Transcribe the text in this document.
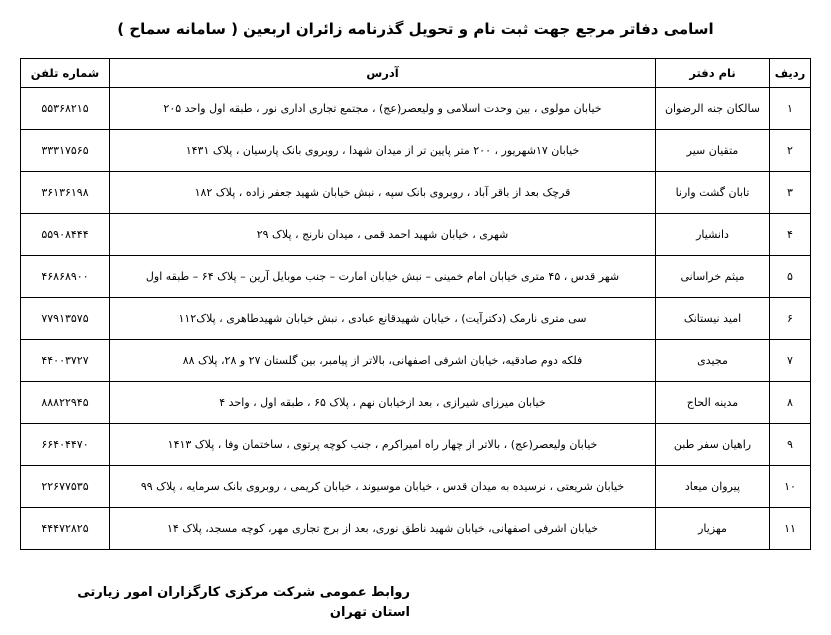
اسامی دفاتر مرجع جهت ثبت نام و تحویل گذرنامه زائران اربعین ( سامانه سماح )
ردیف	نام دفتر	آدرس	شماره تلفن
۱	سالکان جنه الرضوان	خیابان مولوی ، بین وحدت اسلامی و ولیعصر(عج) ، مجتمع تجاری اداری نور ، طبقه اول واحد ۲۰۵	۵۵۳۶۸۲۱۵
۲	متقیان سیر	خیابان ۱۷شهریور ، ۲۰۰ متر پایین تر از میدان شهدا ، روبروی بانک پارسیان ، پلاک ۱۴۳۱	۳۳۳۱۷۵۶۵
۳	تابان گشت وارنا	قرچک بعد از باقر آباد ، روبروی بانک سپه ، نبش خیابان شهید جعفر زاده ، پلاک ۱۸۲	۳۶۱۳۶۱۹۸
۴	دانشیار	شهری ، خیابان شهید احمد قمی ، میدان نارنج ، پلاک ۲۹	۵۵۹۰۸۴۴۴
۵	میثم خراسانی	شهر قدس ، ۴۵ متری خیابان امام خمینی – نبش خیابان امارت – جنب موبایل آرین – پلاک ۶۴ – طبقه اول	۴۶۸۶۸۹۰۰
۶	امید نیستانک	سی متری نارمک (دکترآیت) ، خیابان شهیدقانع عبادی ، نبش خیابان شهیدطاهری ، پلاک۱۱۲	۷۷۹۱۳۵۷۵
۷	مجیدی	فلکه دوم صادقیه، خیابان اشرفی اصفهانی، بالاتر از پیامبر، بین گلستان ۲۷ و ۲۸، پلاک ۸۸	۴۴۰۰۳۷۲۷
۸	مدینه الحاج	خیابان میرزای شیرازی ، بعد ازخیابان نهم ، پلاک ۶۵ ، طبقه اول ، واحد ۴	۸۸۸۲۲۹۴۵
۹	راهیان سفر طبن	خیابان ولیعصر(عج) ، بالاتر از چهار راه امیراکرم ، جنب کوچه پرتوی ، ساختمان وفا ، پلاک ۱۴۱۳	۶۶۴۰۴۴۷۰
۱۰	پیروان میعاد	خیابان شریعتی ، نرسیده به میدان قدس ، خیابان موسیوند ، خیابان کریمی ، روبروی بانک سرمایه ، پلاک ۹۹	۲۲۶۷۷۵۳۵
۱۱	مهزیار	خیابان اشرفی اصفهانی، خیابان شهید ناطق نوری، بعد از برج تجاری مهر، کوچه مسجد، پلاک ۱۴	۴۴۴۷۲۸۲۵
روابط عمومی شرکت مرکزی کارگزاران امور زیارتی استان تهران
